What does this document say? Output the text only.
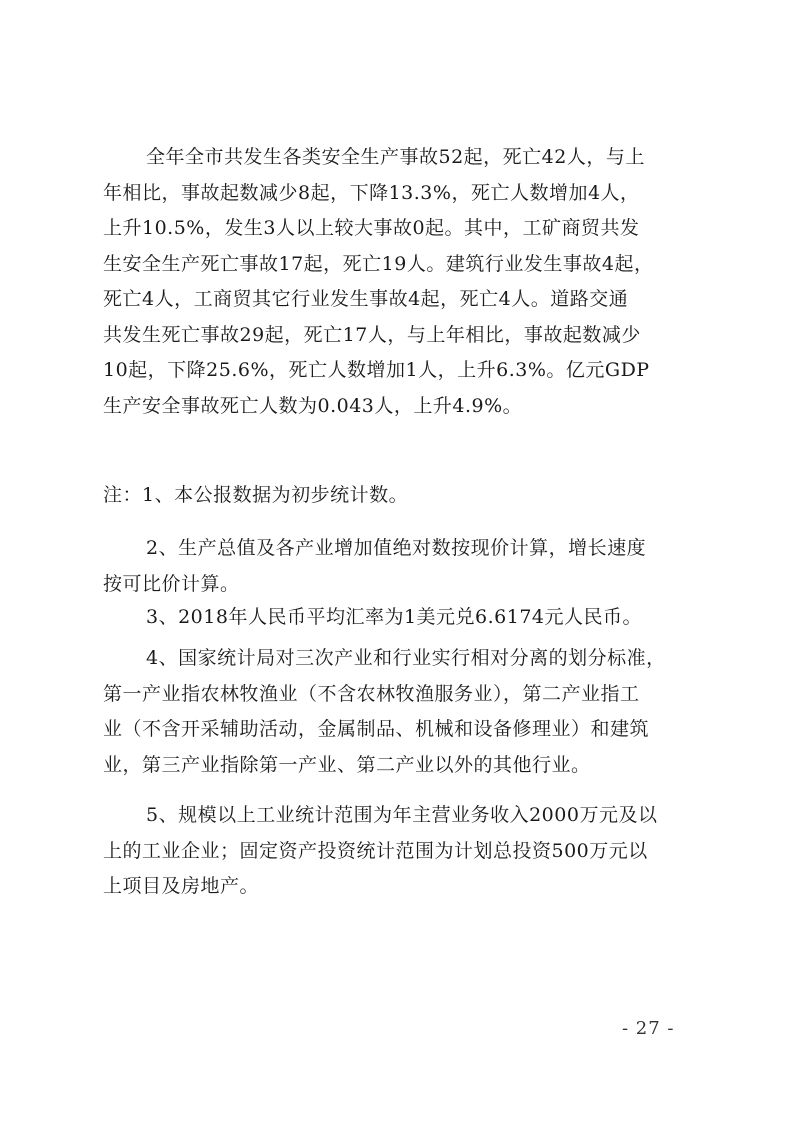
全年全市共发生各类安全生产事故52起，死亡42人，与上
年相比，事故起数减少8起，下降13.3%，死亡人数增加4人，
上升10.5%，发生3人以上较大事故0起。其中，工矿商贸共发
生安全生产死亡事故17起，死亡19人。建筑行业发生事故4起，
死亡4人，工商贸其它行业发生事故4起，死亡4人。道路交通
共发生死亡事故29起，死亡17人，与上年相比，事故起数减少
10起，下降25.6%，死亡人数增加1人，上升6.3%。亿元GDP
生产安全事故死亡人数为0.043人，上升4.9%。

注：1、本公报数据为初步统计数。

2、生产总值及各产业增加值绝对数按现价计算，增长速度
按可比价计算。

3、2018年人民币平均汇率为1美元兑6.6174元人民币。

4、国家统计局对三次产业和行业实行相对分离的划分标准，
第一产业指农林牧渔业（不含农林牧渔服务业），第二产业指工
业（不含开采辅助活动，金属制品、机械和设备修理业）和建筑
业，第三产业指除第一产业、第二产业以外的其他行业。

5、规模以上工业统计范围为年主营业务收入2000万元及以
上的工业企业；固定资产投资统计范围为计划总投资500万元以
上项目及房地产。

- 27 -
